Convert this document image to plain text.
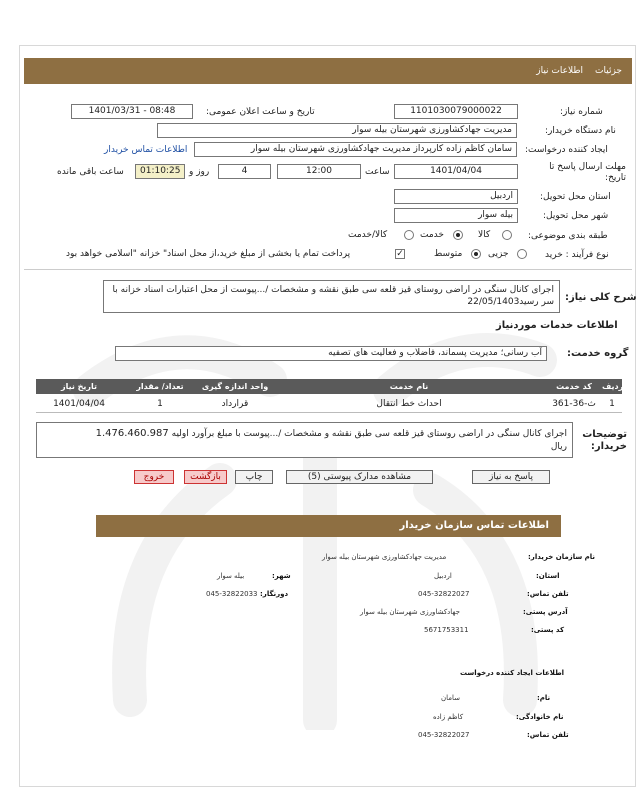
جزئیات
اطلاعات نیاز
شماره نیاز:
1101030079000022
تاریخ و ساعت اعلان عمومی:
1401/03/31 - 08:48
نام دستگاه خریدار:
مدیریت جهادکشاورزی شهرستان بیله سوار
ایجاد کننده درخواست:
سامان کاظم زاده کارپرداز مدیریت جهادکشاورزی شهرستان بیله سوار
اطلاعات تماس خریدار
مهلت ارسال پاسخ تا تاریخ:
1401/04/04
ساعت
12:00
4
روز و
01:10:25
ساعت باقی مانده
استان محل تحویل:
اردبیل
شهر محل تحویل:
بیله سوار
طبقه بندی موضوعی:
کالا
خدمت
کالا/خدمت
نوع فرآیند : خرید
جزیی
متوسط
✓
پرداخت تمام یا بخشی از مبلغ خرید،از محل اسناد" خزانه "اسلامی خواهد بود
شرح کلی نیاز:
اجرای کانال سنگی در اراضی روستای قیز قلعه سی طبق نقشه و مشخصات /...پیوست از محل اعتبارات اسناد خزانه با سر رسید22/05/1403
اطلاعات خدمات موردنیاز
گروه خدمت:
آب رسانی؛ مدیریت پسماند، فاضلاب و فعالیت های تصفیه
ردیف
کد خدمت
نام خدمت
واحد اندازه گیری
تعداد/ مقدار
تاریخ نیاز
1
ث-36-361
احداث خط انتقال
قرارداد
1
1401/04/04
توضیحات خریدار:
اجرای کانال سنگی در اراضی روستای قیز قلعه سی طبق نقشه و مشخصات /...پیوست با مبلغ برآورد اولیه 1.476.460.987
ریال
پاسخ به نیاز
مشاهده مدارک پیوستی (5)
چاپ
بازگشت
خروج
اطلاعات تماس سازمان خریدار
نام سازمان خریدار:
مدیریت جهادکشاورزی شهرستان بیله سوار
استان:
اردبیل
شهر:
بیله سوار
تلفن تماس:
045-32822027
دورنگار:
045-32822033
آدرس پستی:
جهادکشاورزی شهرستان بیله سوار
کد پستی:
5671753311
اطلاعات ایجاد کننده درخواست
نام:
سامان
نام خانوادگی:
کاظم زاده
تلفن تماس:
045-32822027
